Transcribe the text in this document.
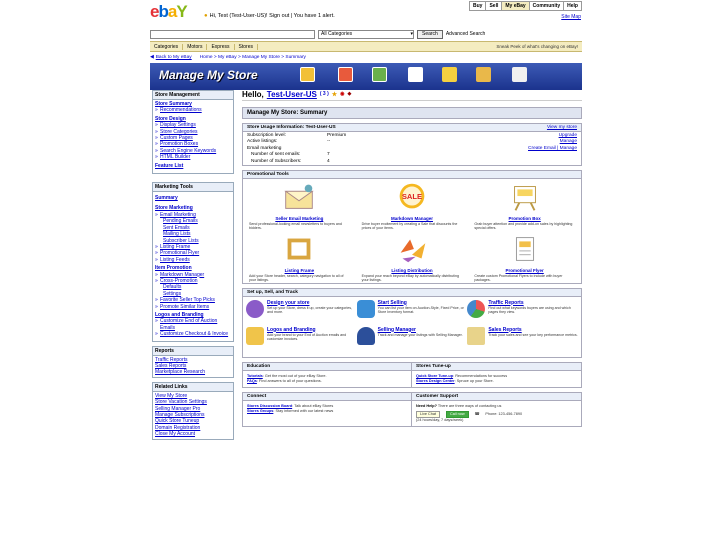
ebaY	● Hi, Test (Test-User-US)! Sign out | You have 1 alert.
Buy	Sell	My eBay	Community	Help
Site Map
All Categories	▾	Search	Advanced Search
Categories	Motors	Express	Stores	Sneak Peek of what's changing on eBay!
◀ Back to My eBay Home > My eBay > Manage My Store > Summary
Manage My Store
Store Management
Store Summary
» Recommendations
Store Design
» Display Settings
» Store Categories
» Custom Pages
» Promotion Boxes
» Search Engine Keywords
» HTML Builder
Feature List
Marketing Tools
Summary
Store Marketing
» Email Marketing
Pending Emails
Sent Emails
Mailing Lists
Subscriber Lists
» Listing Frame
» Promotional Flyer
» Listing Feeds
Item Promotion
» Markdown Manager
» Cross-Promotion
Defaults
Settings
» Favorite Seller Top Picks
» Promote Similar Items
Logos and Branding
» Customize End of Auction Emails
» Customize Checkout & Invoice
Reports
Traffic Reports
Sales Reports
Marketplace Research
Related Links
View My Store
Store Vacation Settings
Selling Manager Pro
Manage Subscriptions
Quick Store Tuneup
Domain Registration
Close My Account
Hello, Test-User-US ( 3 ) ★ ◉ ◆
Manage My Store: Summary
Store Usage Information: Test-User-US	View my store
Subscription level:	Premium	Upgrade
Active listings:	--	Manage
Email marketing		Create Email | Manage
Number of sent emails:	7	
Number of Subscribers:	4	
Promotional Tools
Seller Email Marketing
Send professional-looking email newsletters to buyers and bidders.
SALE
Markdown Manager
Drive buyer excitement by creating a Sale that discounts the prices of your items.
Promotion Box
Grab buyer attention and provide add-on sales by highlighting special offers.
Listing Frame
Add your Store header, search, category navigation to all of your listings.
Listing Distribution
Expand your reach beyond eBay by automatically distributing your listings.
Promotional Flyer
Create custom Promotional Flyers to include with buyer packages.
Set up, Sell, and Track
Design your store
Set up your Store, dress it up, create your categories, and more.
Start Selling
You can list your item on Auction-Style, Fixed Price, or Store Inventory format.
Traffic Reports
Find out what keywords buyers are using and which pages they view.
Logos and Branding
Add your brand to your End of Auction emails and customize invoices.
Selling Manager
Track and manage your listings with Selling Manager.
Sales Reports
Track your sales and see your key performance metrics.
Education
Tutorials: Get the most out of your eBay Store.
FAQs: Find answers to all of your questions.
Stores Tune-up
Quick Store Tune-up: Recommendations for success
Stores Design Center: Spruce up your Store.
Connect
Stores Discussion Board: Talk about eBay Stores
Stores Groups: Stay informed with our latest news
Customer Support
Need Help? There are three ways of contacting us
Live Chat	Call now	☎ Phone: 123-456-7890
(24 hours/day, 7 days/week)
